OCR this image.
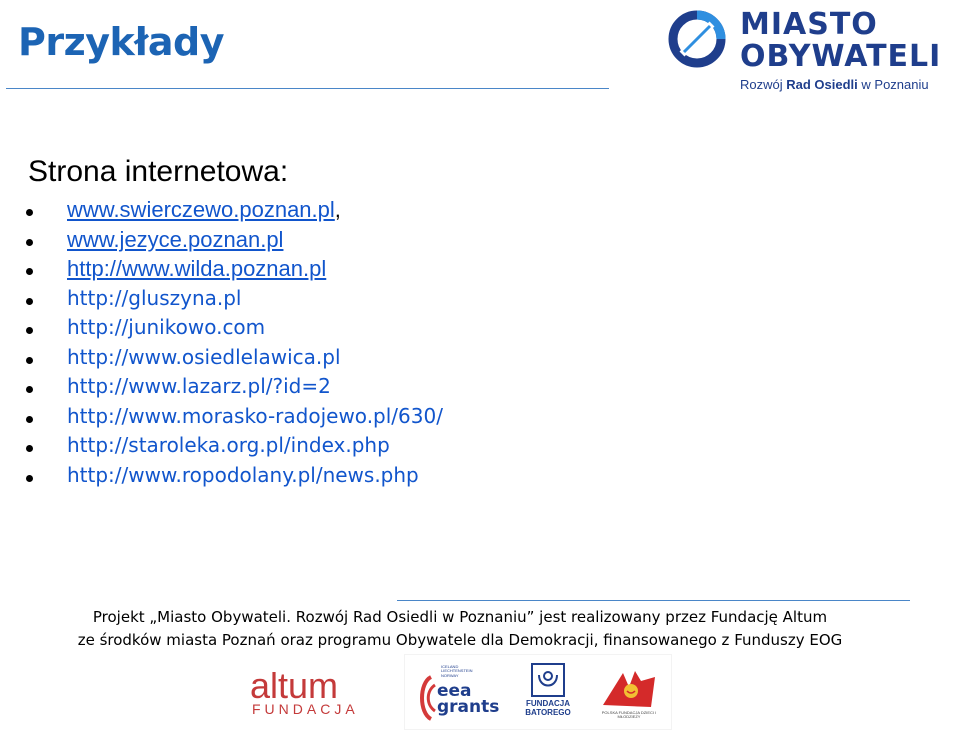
Przykłady	MIASTO
OBYWATELI
Rozwój Rad Osiedli w Poznaniu
Strona internetowa:
www.swierczewo.poznan.pl,
www.jezyce.poznan.pl
http://www.wilda.poznan.pl
http://gluszyna.pl
http://junikowo.com
http://www.osiedlelawica.pl
http://www.lazarz.pl/?id=2
http://www.morasko-radojewo.pl/630/
http://staroleka.org.pl/index.php
http://www.ropodolany.pl/news.php
Projekt „Miasto Obywateli. Rozwój Rad Osiedli w Poznaniu” jest realizowany przez Fundację Altum
ze środków miasta Poznań oraz programu Obywatele dla Demokracji, finansowanego z Funduszy EOG
altum
FUNDACJA
ICELAND LIECHTENSTEIN NORWAY
eea
grants	FUNDACJA BATOREGO	POLSKA FUNDACJA DZIECI I MŁODZIEŻY
